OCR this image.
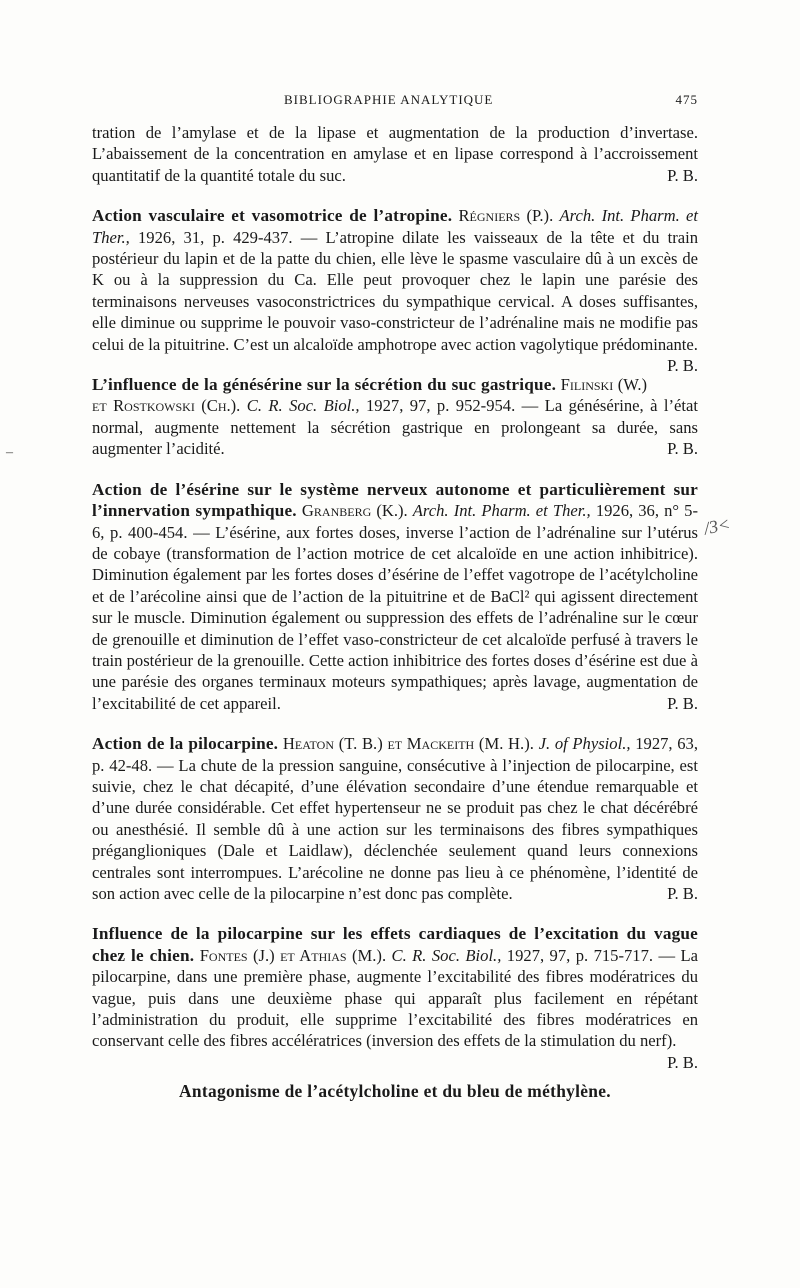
BIBLIOGRAPHIE ANALYTIQUE	475

tration de l’amylase et de la lipase et augmentation de la production d’invertase. L’abaissement de la concentration en amylase et en lipase correspond à l’accroissement quantitatif de la quantité totale du suc.	P. B.

Action vasculaire et vasomotrice de l’atropine. Régniers (P.). Arch. Int. Pharm. et Ther., 1926, 31, p. 429-437. — L’atropine dilate les vaisseaux de la tête et du train postérieur du lapin et de la patte du chien, elle lève le spasme vasculaire dû à un excès de K ou à la suppression du Ca. Elle peut provoquer chez le lapin une parésie des terminaisons nerveuses vasoconstrictrices du sympathique cervical. A doses suffisantes, elle diminue ou supprime le pouvoir vaso-constricteur de l’adrénaline mais ne modifie pas celui de la pituitrine. C’est un alcaloïde amphotrope avec action vagolytique prédominante.
P. B.

L’influence de la génésérine sur la sécrétion du suc gastrique. Filinski (W.) et Rostkowski (Ch.). C. R. Soc. Biol., 1927, 97, p. 952-954. — La génésérine, à l’état normal, augmente nettement la sécrétion gastrique en prolongeant sa durée, sans augmenter l’acidité.	P. B.

Action de l’ésérine sur le système nerveux autonome et particulièrement sur l’innervation sympathique. Granberg (K.). Arch. Int. Pharm. et Ther., 1926, 36, n° 5-6, p. 400-454. — L’ésérine, aux fortes doses, inverse l’action de l’adrénaline sur l’utérus de cobaye (transformation de l’action motrice de cet alcaloïde en une action inhibitrice). Diminution également par les fortes doses d’ésérine de l’effet vagotrope de l’acétylcholine et de l’arécoline ainsi que de l’action de la pituitrine et de BaCl² qui agissent directement sur le muscle. Diminution également ou suppression des effets de l’adrénaline sur le cœur de grenouille et diminution de l’effet vaso-constricteur de cet alcaloïde perfusé à travers le train postérieur de la grenouille. Cette action inhibitrice des fortes doses d’ésérine est due à une parésie des organes terminaux moteurs sympathiques; après lavage, augmentation de l’excitabilité de cet appareil.	P. B.

Action de la pilocarpine. Heaton (T. B.) et Mackeith (M. H.). J. of Physiol., 1927, 63, p. 42-48. — La chute de la pression sanguine, consécutive à l’injection de pilocarpine, est suivie, chez le chat décapité, d’une élévation secondaire d’une étendue remarquable et d’une durée considérable. Cet effet hypertenseur ne se produit pas chez le chat décérébré ou anesthésié. Il semble dû à une action sur les terminaisons des fibres sympathiques préganglioniques (Dale et Laidlaw), déclenchée seulement quand leurs connexions centrales sont interrompues. L’arécoline ne donne pas lieu à ce phénomène, l’identité de son action avec celle de la pilocarpine n’est donc pas complète.	P. B.

Influence de la pilocarpine sur les effets cardiaques de l’excitation du vague chez le chien. Fontes (J.) et Athias (M.). C. R. Soc. Biol., 1927, 97, p. 715-717. — La pilocarpine, dans une première phase, augmente l’excitabilité des fibres modératrices du vague, puis dans une deuxième phase qui apparaît plus facilement en répétant l’administration du produit, elle supprime l’excitabilité des fibres modératrices en conservant celle des fibres accélératrices (inversion des effets de la stimulation du nerf).
P. B.

Antagonisme de l’acétylcholine et du bleu de méthylène.

–
/3<
